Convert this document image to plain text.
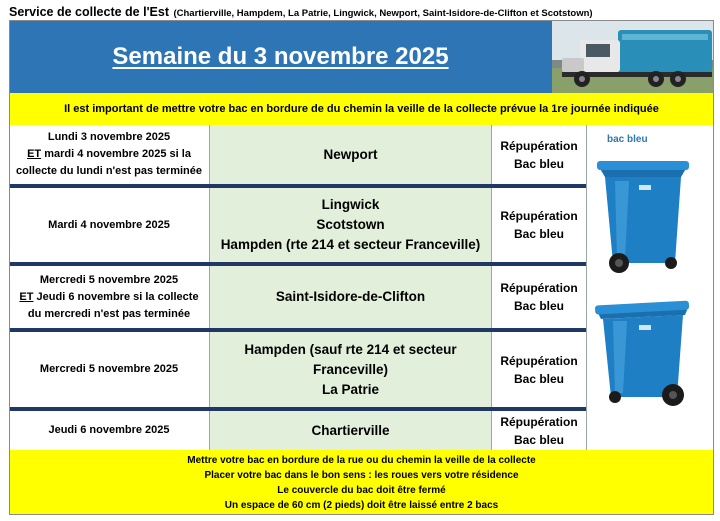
Service de collecte de l'Est (Chartierville, Hampdem, La Patrie, Lingwick, Newport, Saint-Isidore-de-Clifton et Scotstown)
Semaine du 3 novembre 2025
Il est important de mettre votre bac en bordure de du chemin la veille de la collecte prévue la 1re journée indiquée
Lundi 3 novembre 2025
ET mardi 4 novembre 2025 si la
collecte du lundi n'est pas terminée
Newport
Répupération
Bac bleu
Mardi 4 novembre 2025
Lingwick
Scotstown
Hampden (rte 214 et secteur Franceville)
Répupération
Bac bleu
Mercredi 5 novembre 2025
ET Jeudi 6 novembre si la collecte
du mercredi n'est pas terminée
Saint-Isidore-de-Clifton
Répupération
Bac bleu
Mercredi 5 novembre 2025
Hampden (sauf rte 214 et secteur
Franceville)
La Patrie
Répupération
Bac bleu
Jeudi 6 novembre 2025	Chartierville
Répupération
Bac bleu
bac bleu
Mettre votre bac en bordure de la rue ou du chemin la veille de la collecte
Placer votre bac dans le bon sens : les roues vers votre résidence
Le couvercle du bac doit être fermé
Un espace de 60 cm (2 pieds) doit être laissé entre 2 bacs
